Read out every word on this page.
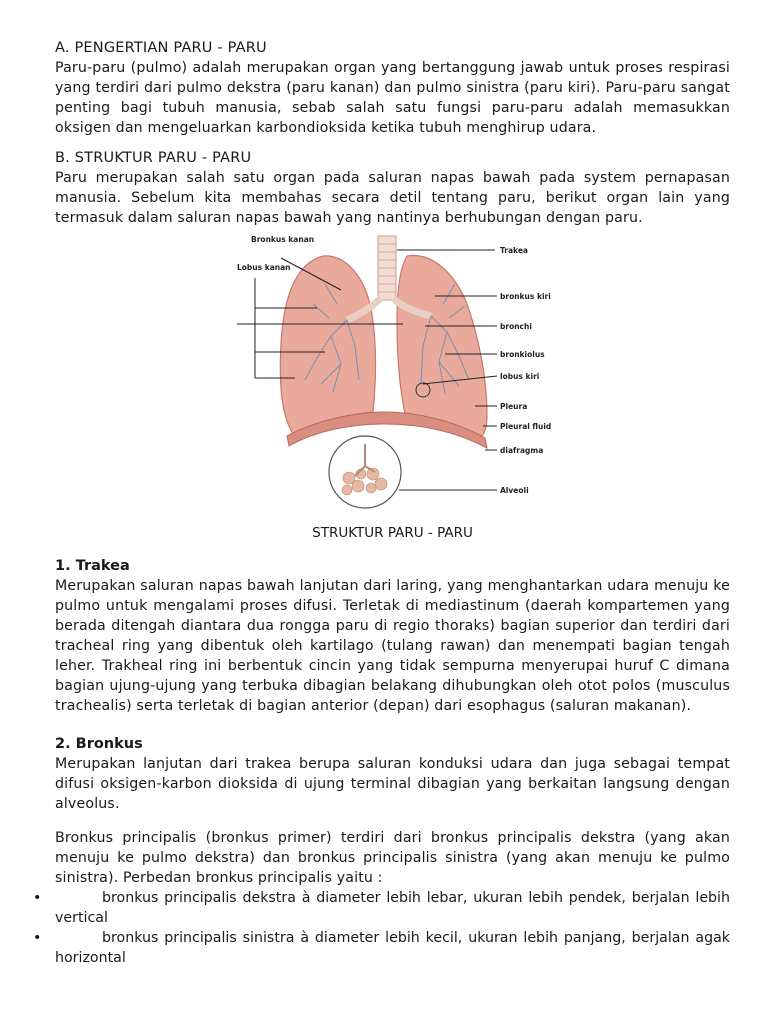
A. PENGERTIAN PARU - PARU

Paru-paru (pulmo) adalah merupakan organ yang bertanggung jawab untuk proses respirasi yang terdiri dari pulmo dekstra (paru kanan) dan pulmo sinistra (paru kiri). Paru-paru sangat penting bagi tubuh manusia, sebab salah satu fungsi paru-paru adalah memasukkan oksigen dan mengeluarkan karbondioksida ketika tubuh menghirup udara.

B. STRUKTUR PARU - PARU

Paru merupakan salah satu organ pada saluran napas bawah pada system pernapasan manusia. Sebelum kita membahas secara detil tentang paru, berikut organ lain yang termasuk dalam saluran napas bawah yang nantinya berhubungan dengan paru.

Bronkus kanan
Lobus kanan
Trakea
bronkus kiri
bronchi
bronkiolus
lobus kiri
Pleura
Pleural fluid
diafragma
Alveoli

STRUKTUR PARU - PARU

1. Trakea

Merupakan saluran napas bawah lanjutan dari laring, yang menghantarkan udara menuju ke pulmo untuk mengalami proses difusi. Terletak di mediastinum (daerah kompartemen yang berada ditengah diantara dua rongga paru di regio thoraks) bagian superior dan terdiri dari tracheal ring yang dibentuk oleh kartilago (tulang rawan) dan menempati bagian tengah leher. Trakheal ring ini berbentuk cincin yang tidak sempurna menyerupai huruf C dimana bagian ujung-ujung yang terbuka dibagian belakang dihubungkan oleh otot polos (musculus trachealis) serta terletak di bagian anterior (depan) dari esophagus (saluran makanan).

2. Bronkus

Merupakan lanjutan dari trakea berupa saluran konduksi udara dan juga sebagai tempat difusi oksigen-karbon dioksida di ujung terminal dibagian yang berkaitan langsung dengan alveolus.

Bronkus principalis (bronkus primer) terdiri dari bronkus principalis dekstra (yang akan menuju ke pulmo dekstra) dan bronkus principalis sinistra (yang akan menuju ke pulmo sinistra). Perbedan bronkus principalis yaitu :

•	bronkus principalis dekstra à diameter lebih lebar, ukuran lebih pendek, berjalan lebih vertical
•	bronkus principalis sinistra à diameter lebih kecil, ukuran lebih panjang, berjalan agak horizontal
